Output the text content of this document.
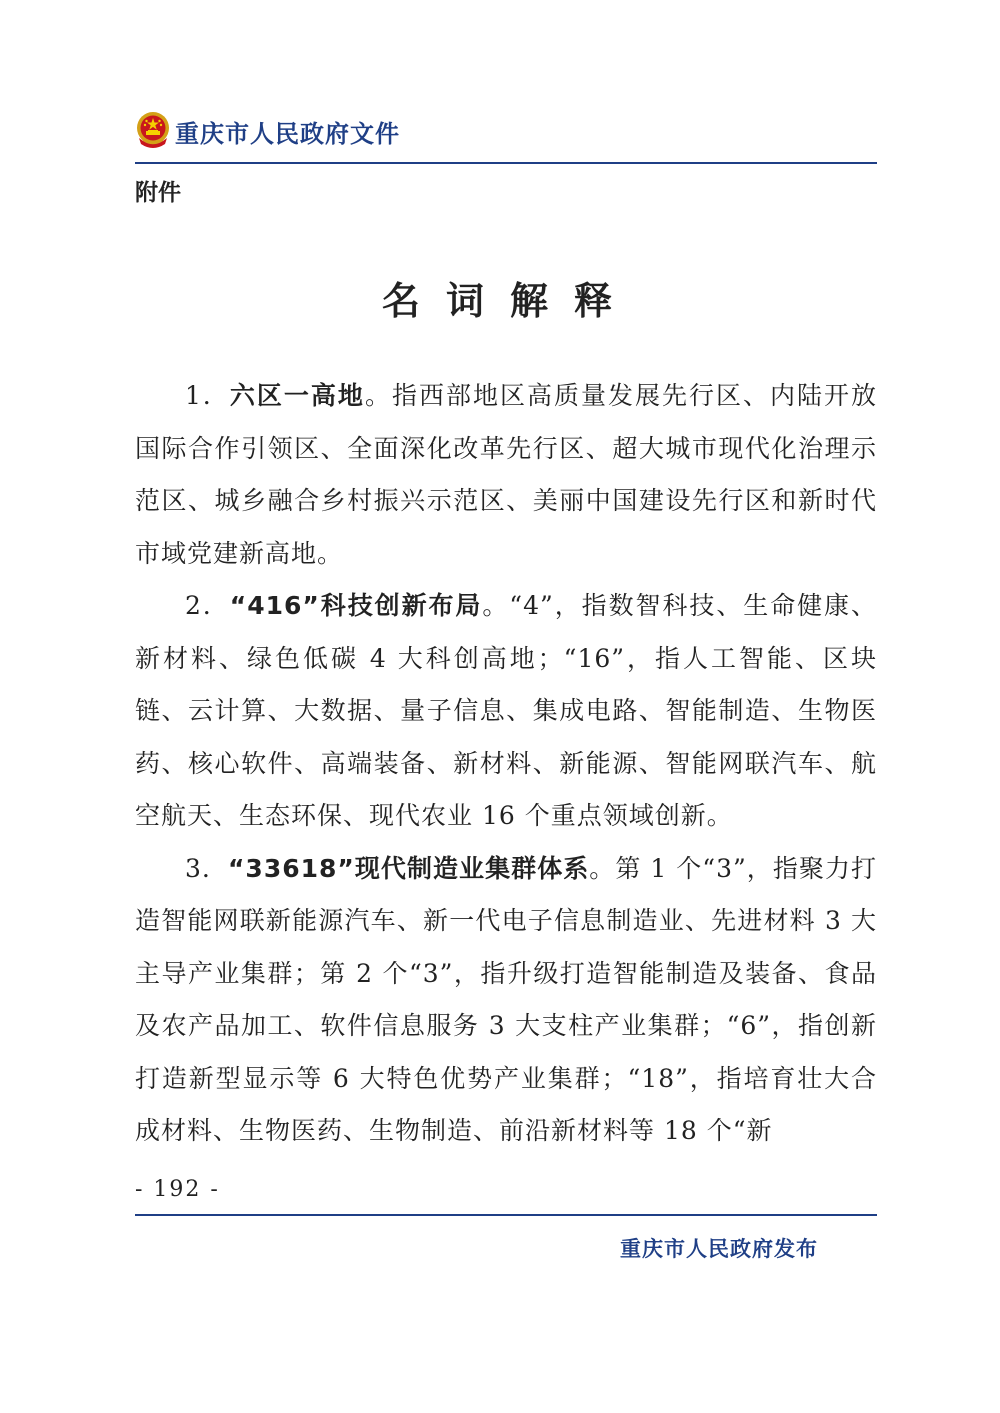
重庆市人民政府文件
附件
名词解释

1．六区一高地。指西部地区高质量发展先行区、内陆开放国际合作引领区、全面深化改革先行区、超大城市现代化治理示范区、城乡融合乡村振兴示范区、美丽中国建设先行区和新时代市域党建新高地。

2．“416”科技创新布局。“4”，指数智科技、生命健康、新材料、绿色低碳 4 大科创高地；“16”，指人工智能、区块链、云计算、大数据、量子信息、集成电路、智能制造、生物医药、核心软件、高端装备、新材料、新能源、智能网联汽车、航空航天、生态环保、现代农业 16 个重点领域创新。

3．“33618”现代制造业集群体系。第 1 个“3”，指聚力打造智能网联新能源汽车、新一代电子信息制造业、先进材料 3 大主导产业集群；第 2 个“3”，指升级打造智能制造及装备、食品及农产品加工、软件信息服务 3 大支柱产业集群；“6”，指创新打造新型显示等 6 大特色优势产业集群；“18”，指培育壮大合成材料、生物医药、生物制造、前沿新材料等 18 个“新

- 192 -
重庆市人民政府发布
